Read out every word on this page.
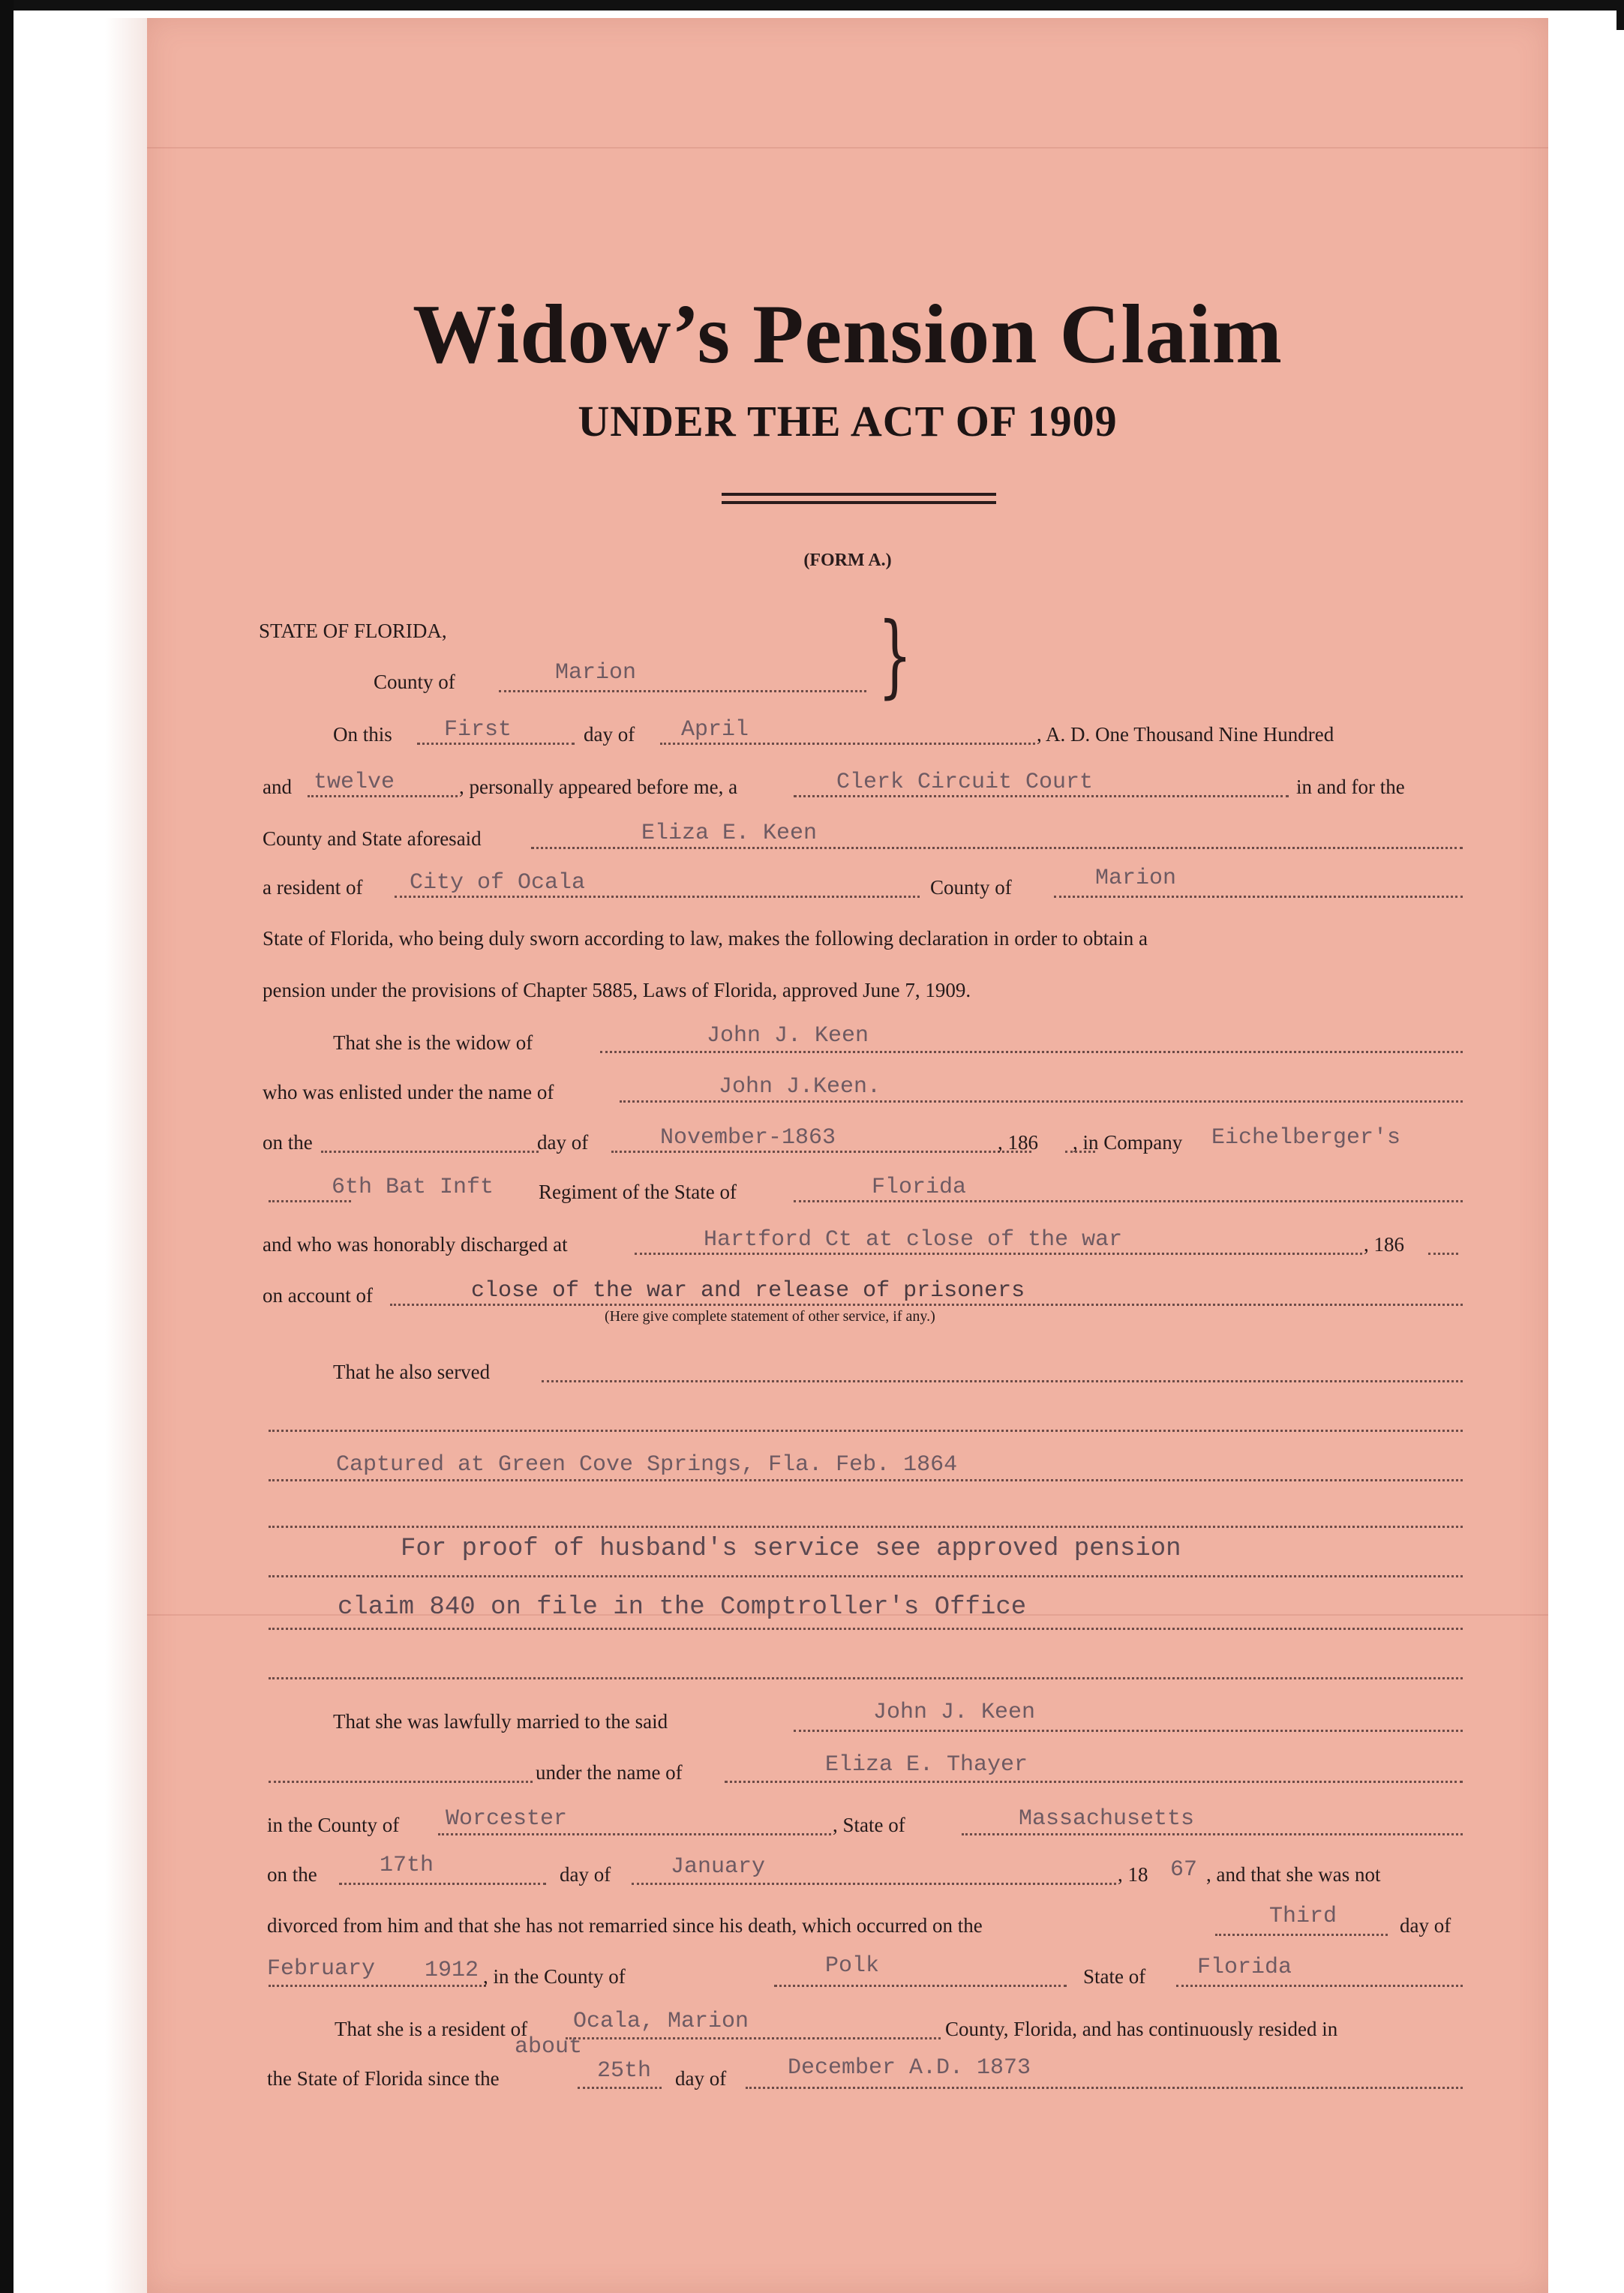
Widow’s Pension Claim
UNDER THE ACT OF 1909
(FORM A.)
STATE OF FLORIDA,
County of	Marion	}
On this First	day of April	, A. D. One Thousand Nine Hundred
and twelve	, personally appeared before me, a	Clerk Circuit Court	in and for the
County and State aforesaid	Eliza E. Keen
a resident of City of Ocala	County of	Marion
State of Florida, who being duly sworn according to law, makes the following declaration in order to obtain a
pension under the provisions of Chapter 5885, Laws of Florida, approved June 7, 1909.
That she is the widow of	John J. Keen
who was enlisted under the name of	John J.Keen.
on the	day of	November-1863	, 186 , in Company Eichelberger's
6th Bat Inft Regiment of the State of	Florida
and who was honorably discharged at	Hartford Ct at close of the war	, 186
on account of	close of the war and release of prisoners
(Here give complete statement of other service, if any.)
That he also served
Captured at Green Cove Springs, Fla. Feb. 1864
For proof of husband's service see approved pension
claim 840 on file in the Comptroller's Office
That she was lawfully married to the said	John J. Keen
under the name of	Eliza E. Thayer
in the County of Worcester	, State of	Massachusetts
on the	17th	day of	January	, 18 67 , and that she was not
divorced from him and that she has not remarried since his death, which occurred on the	Third	day of
February 1912 , in the County of	Polk	State of Florida
That she is a resident of Ocala, Marion	County, Florida, and has continuously resided in
about
the State of Florida since the	25th day of	December A.D. 1873
